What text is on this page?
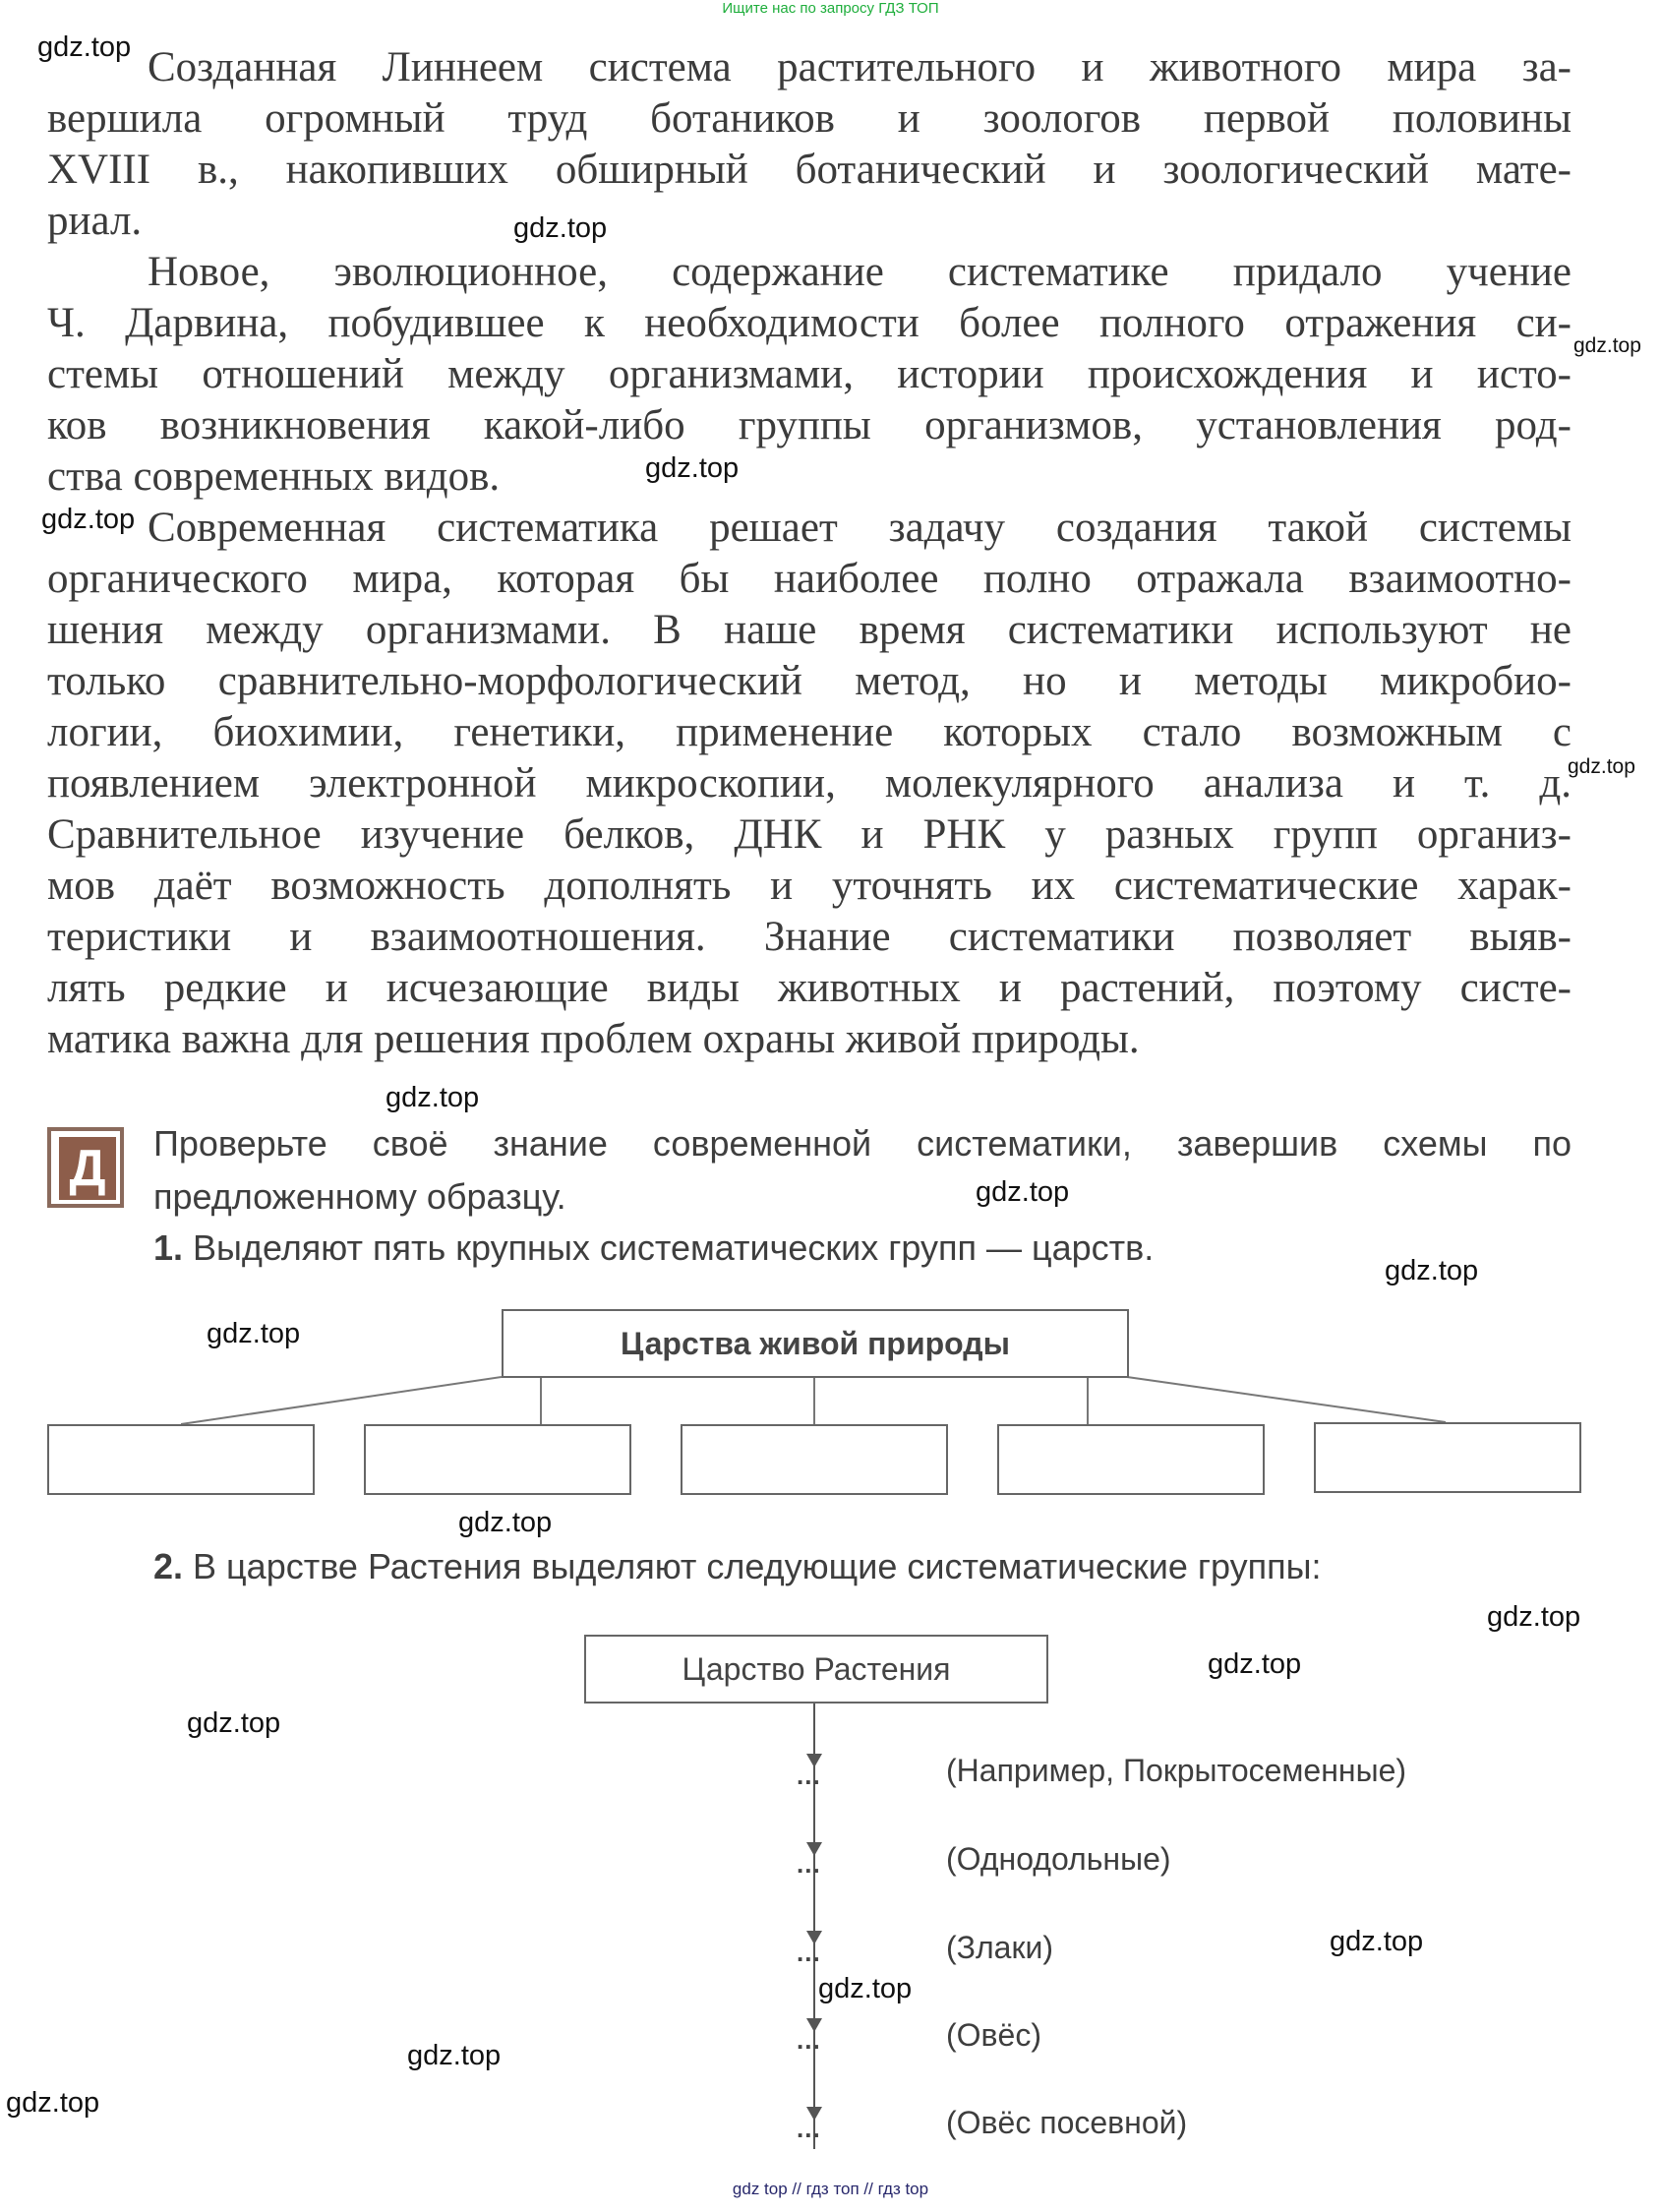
Ищите нас по запросу ГДЗ ТОП
Созданная Линнеем система растительного и животного мира за-
вершила огромный труд ботаников и зоологов первой половины
XVIII в., накопивших обширный ботанический и зоологический мате-
риал.
Новое, эволюционное, содержание систематике придало учение
Ч. Дарвина, побудившее к необходимости более полного отражения си-
стемы отношений между организмами, истории происхождения и исто-
ков возникновения какой-либо группы организмов, установления род-
ства современных видов.
Современная систематика решает задачу создания такой системы
органического мира, которая бы наиболее полно отражала взаимоотно-
шения между организмами. В наше время систематики используют не
только сравнительно-морфологический метод, но и методы микробио-
логии, биохимии, генетики, применение которых стало возможным с
появлением электронной микроскопии, молекулярного анализа и т. д.
Сравнительное изучение белков, ДНК и РНК у разных групп организ-
мов даёт возможность дополнять и уточнять их систематические харак-
теристики и взаимоотношения. Знание систематики позволяет выяв-
лять редкие и исчезающие виды животных и растений, поэтому систе-
матика важна для решения проблем охраны живой природы.
Д Проверьте своё знание современной систематики, завершив схемы по
предложенному образцу.
1. Выделяют пять крупных систематических групп — царств.
Царства живой природы
2. В царстве Растения выделяют следующие систематические группы:
Царство Растения
...
...
...
...
...
(Например, Покрытосеменные)
(Однодольные)
(Злаки)
(Овёс)
(Овёс посевной)
gdz.top
gdz.top
gdz.top
gdz.top
gdz.top
gdz.top
gdz.top
gdz.top
gdz.top
gdz.top
gdz.top
gdz.top
gdz.top
gdz.top
gdz.top
gdz.top
gdz.top
gdz.top
gdz top // гдз топ // гдз top
